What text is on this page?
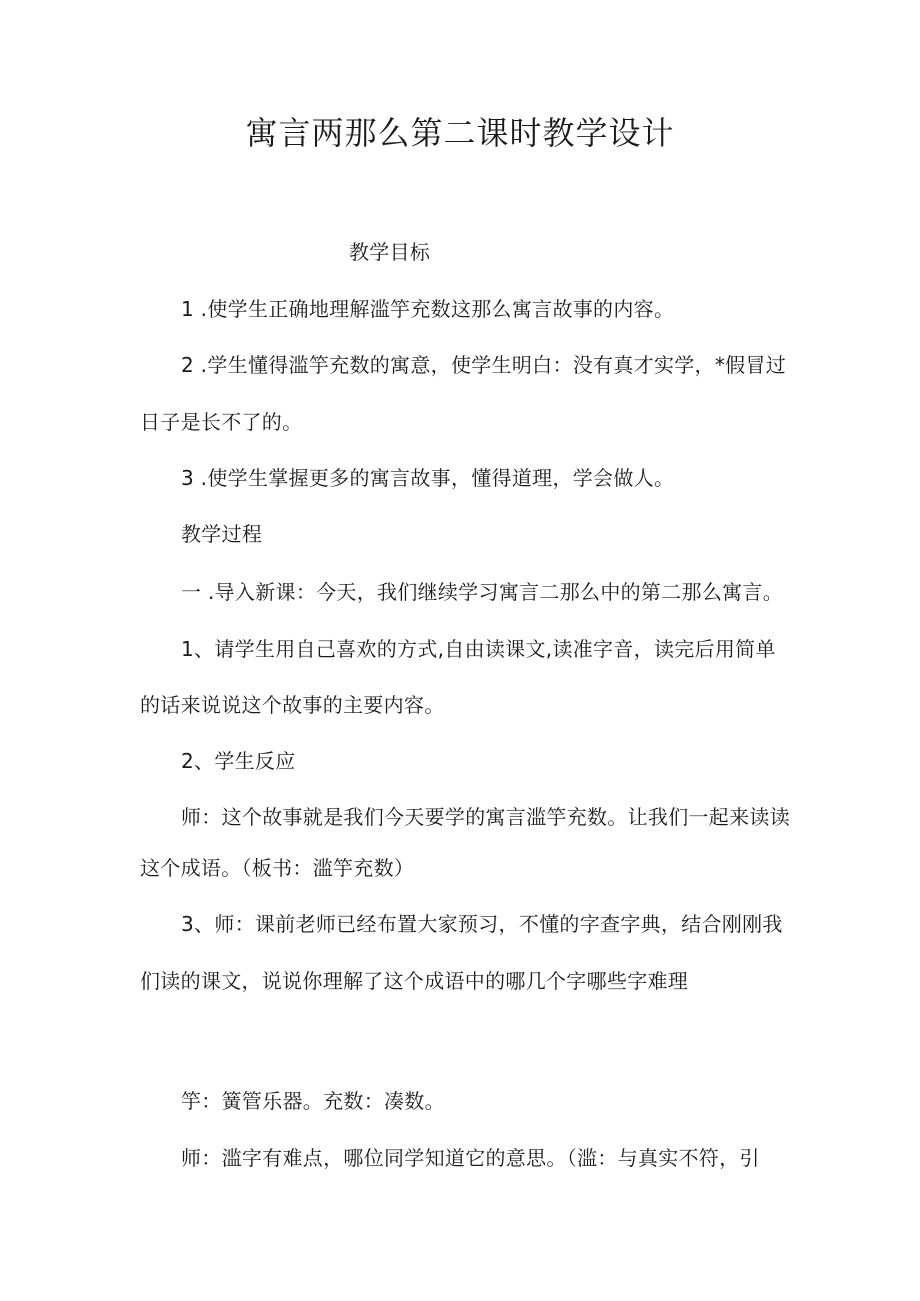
寓言两那么第二课时教学设计
教学目标
1 .使学生正确地理解滥竽充数这那么寓言故事的内容。
2 .学生懂得滥竽充数的寓意，使学生明白：没有真才实学，*假冒过
日子是长不了的。
3 .使学生掌握更多的寓言故事，懂得道理，学会做人。
教学过程
一 .导入新课：今天，我们继续学习寓言二那么中的第二那么寓言。
1、请学生用自己喜欢的方式,自由读课文,读准字音，读完后用简单
的话来说说这个故事的主要内容。
2、学生反应
师：这个故事就是我们今天要学的寓言滥竽充数。让我们一起来读读
这个成语。（板书：滥竽充数）
3、师：课前老师已经布置大家预习，不懂的字查字典，结合刚刚我
们读的课文，说说你理解了这个成语中的哪几个字哪些字难理
竽：簧管乐器。充数：凑数。
师：滥字有难点，哪位同学知道它的意思。（滥：与真实不符，引
